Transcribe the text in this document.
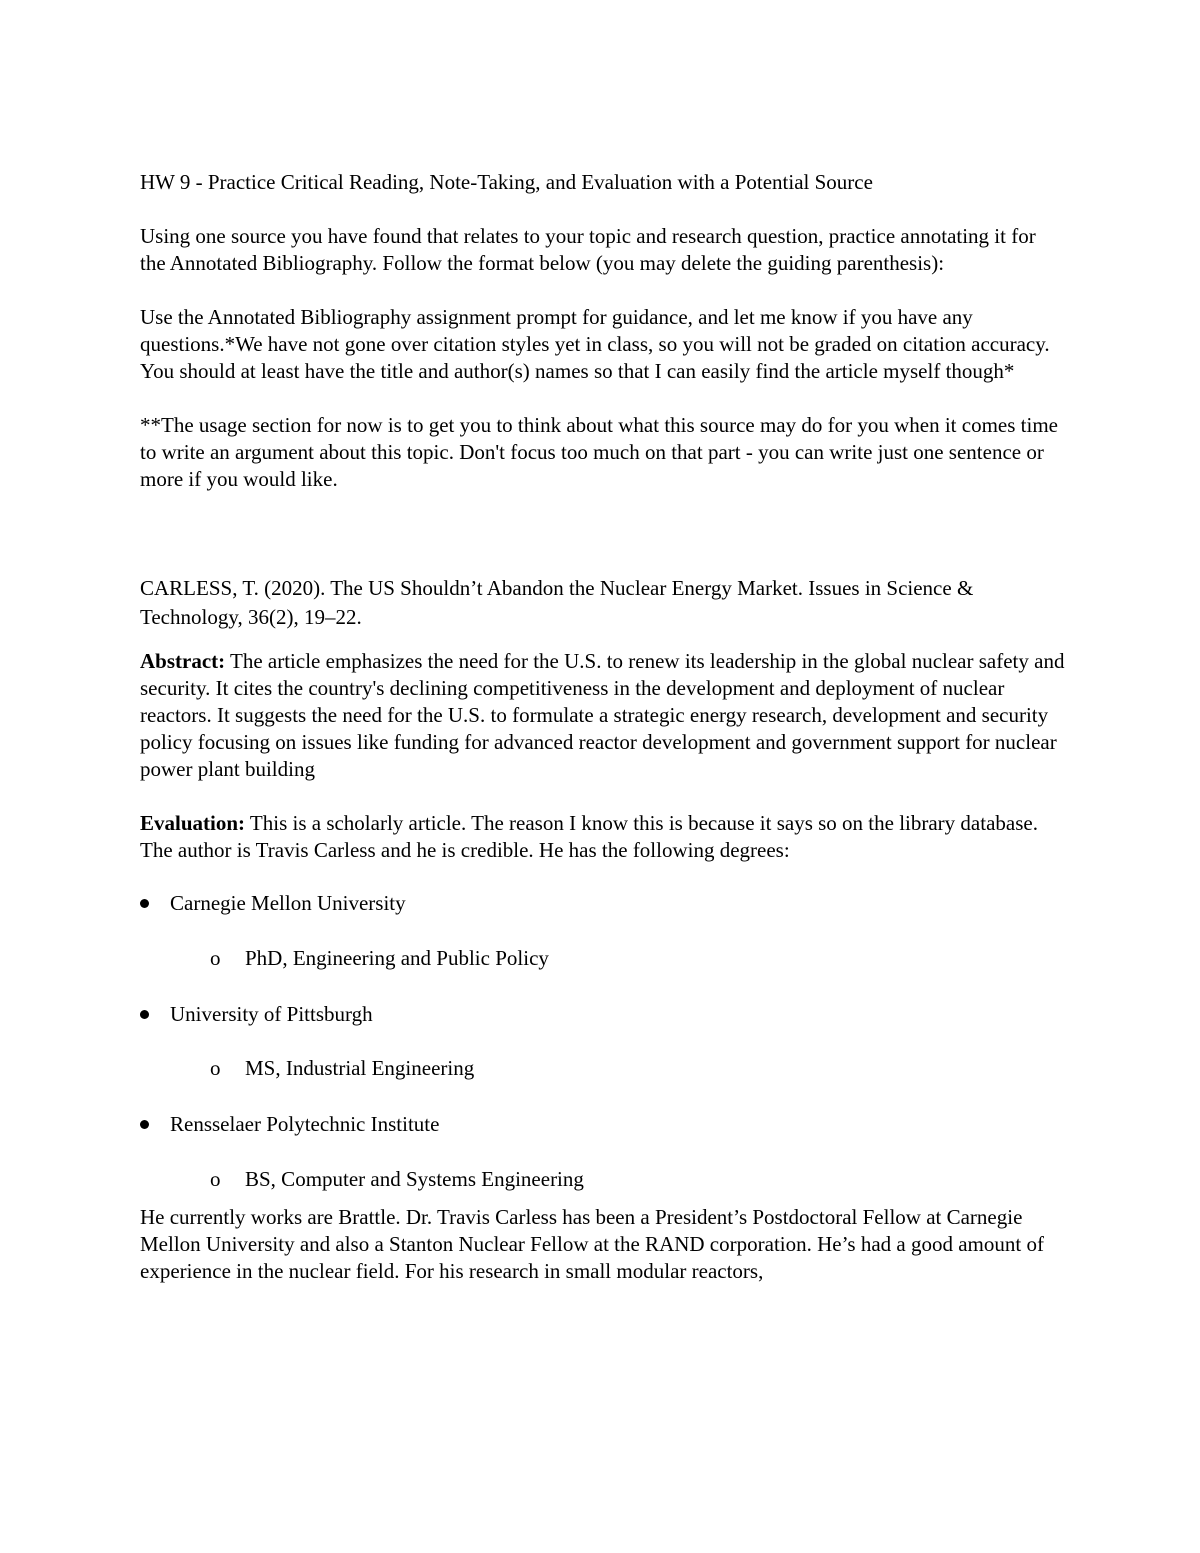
HW 9 - Practice Critical Reading, Note-Taking, and Evaluation with a Potential Source

Using one source you have found that relates to your topic and research question, practice annotating it for the Annotated Bibliography. Follow the format below (you may delete the guiding parenthesis):

Use the Annotated Bibliography assignment prompt for guidance, and let me know if you have any questions.*We have not gone over citation styles yet in class, so you will not be graded on citation accuracy. You should at least have the title and author(s) names so that I can easily find the article myself though*

**The usage section for now is to get you to think about what this source may do for you when it comes time to write an argument about this topic. Don't focus too much on that part - you can write just one sentence or more if you would like.

CARLESS, T. (2020). The US Shouldn’t Abandon the Nuclear Energy Market. Issues in Science & Technology, 36(2), 19–22.

Abstract: The article emphasizes the need for the U.S. to renew its leadership in the global nuclear safety and security. It cites the country's declining competitiveness in the development and deployment of nuclear reactors. It suggests the need for the U.S. to formulate a strategic energy research, development and security policy focusing on issues like funding for advanced reactor development and government support for nuclear power plant building

Evaluation: This is a scholarly article. The reason I know this is because it says so on the library database. The author is Travis Carless and he is credible. He has the following degrees:

Carnegie Mellon University
o PhD, Engineering and Public Policy
University of Pittsburgh
o MS, Industrial Engineering
Rensselaer Polytechnic Institute
o BS, Computer and Systems Engineering

He currently works are Brattle. Dr. Travis Carless has been a President’s Postdoctoral Fellow at Carnegie Mellon University and also a Stanton Nuclear Fellow at the RAND corporation. He’s had a good amount of experience in the nuclear field. For his research in small modular reactors,
